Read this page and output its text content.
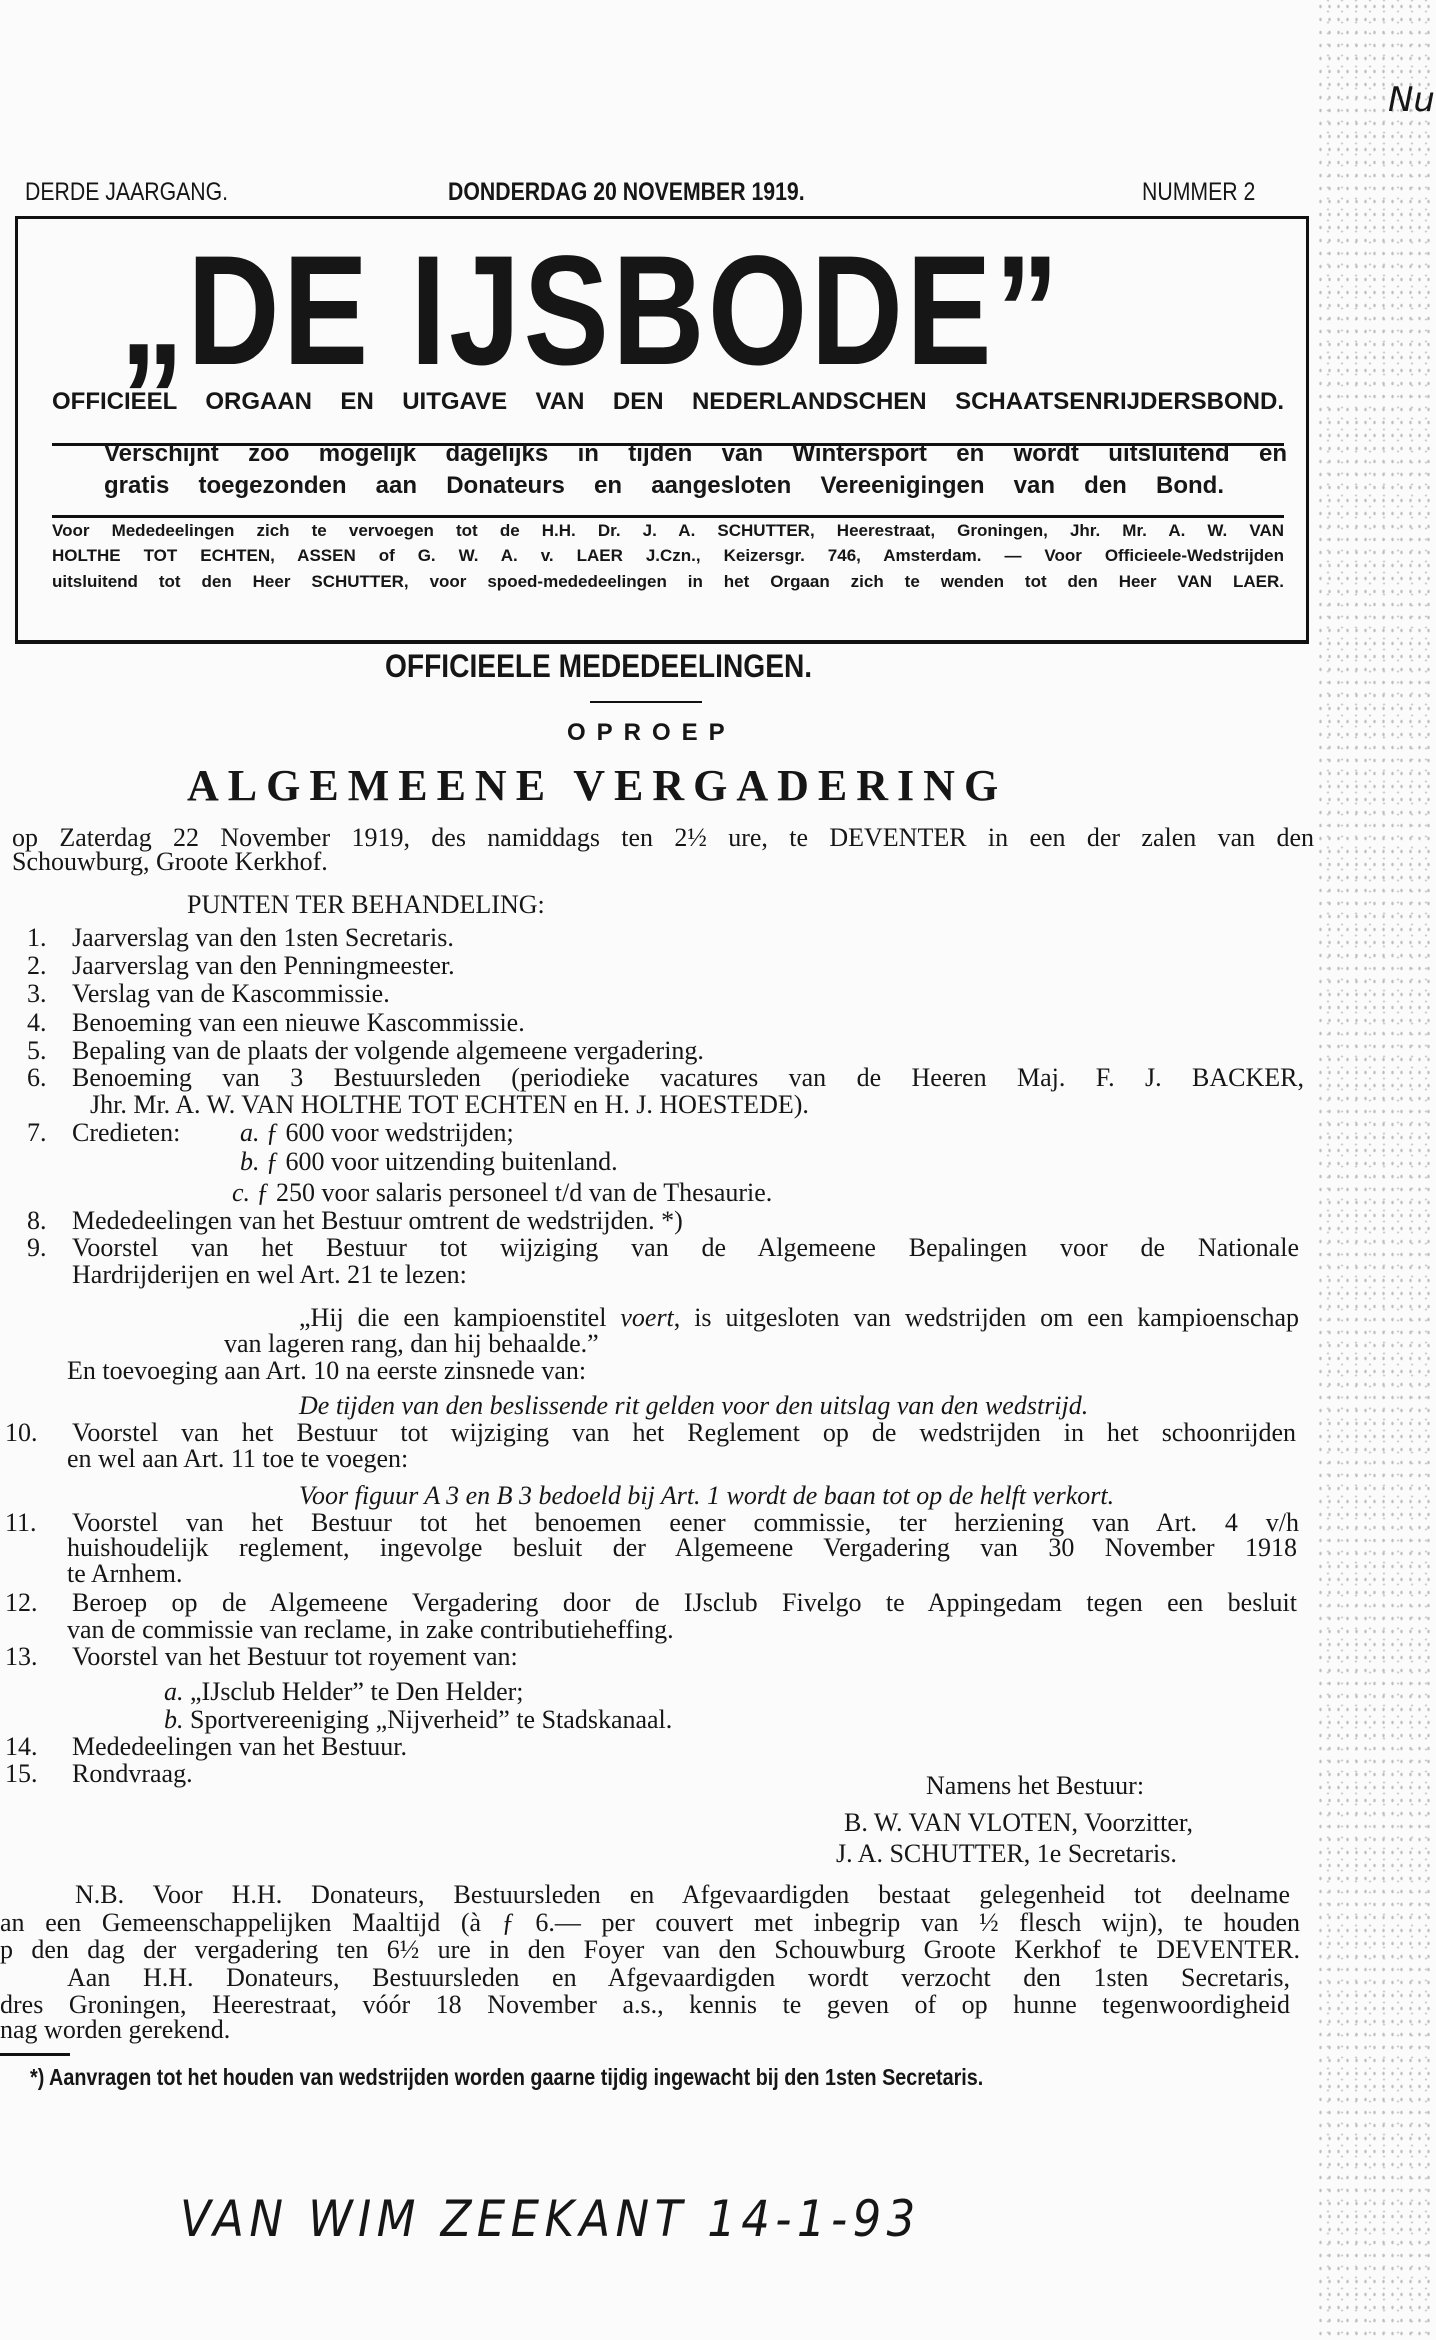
DERDE JAARGANG.	DONDERDAG 20 NOVEMBER 1919.	NUMMER 2
Nu
„DE IJSBODE”
OFFICIEEL ORGAAN EN UITGAVE VAN DEN NEDERLANDSCHEN SCHAATSENRIJDERSBOND.
Verschijnt zoo mogelijk dagelijks in tijden van Wintersport en wordt uitsluitend en
gratis toegezonden aan Donateurs en aangesloten Vereenigingen van den Bond.
Voor Mededeelingen zich te vervoegen tot de H.H. Dr. J. A. SCHUTTER, Heerestraat, Groningen, Jhr. Mr. A. W. VAN
HOLTHE TOT ECHTEN, ASSEN of G. W. A. v. LAER J.Czn., Keizersgr. 746, Amsterdam. — Voor Officieele-Wedstrijden
uitsluitend tot den Heer SCHUTTER, voor spoed-mededeelingen in het Orgaan zich te wenden tot den Heer VAN LAER.
OFFICIEELE MEDEDEELINGEN.
OPROEP
ALGEMEENE VERGADERING
op Zaterdag 22 November 1919, des namiddags ten 2½ ure, te DEVENTER in een der zalen van den
Schouwburg, Groote Kerkhof.
PUNTEN TER BEHANDELING:
1. Jaarverslag van den 1sten Secretaris.
2. Jaarverslag van den Penningmeester.
3. Verslag van de Kascommissie.
4. Benoeming van een nieuwe Kascommissie.
5. Bepaling van de plaats der volgende algemeene vergadering.
6. Benoeming van 3 Bestuursleden (periodieke vacatures van de Heeren Maj. F. J. BACKER,
Jhr. Mr. A. W. VAN HOLTHE TOT ECHTEN en H. J. HOESTEDE).
7. Credieten: a. ƒ 600 voor wedstrijden;
b. ƒ 600 voor uitzending buitenland.
c. ƒ 250 voor salaris personeel t/d van de Thesaurie.
8. Mededeelingen van het Bestuur omtrent de wedstrijden. *)
9. Voorstel van het Bestuur tot wijziging van de Algemeene Bepalingen voor de Nationale
Hardrijderijen en wel Art. 21 te lezen:
„Hij die een kampioenstitel voert, is uitgesloten van wedstrijden om een kampioenschap
van lageren rang, dan hij behaalde.”
En toevoeging aan Art. 10 na eerste zinsnede van:
De tijden van den beslissende rit gelden voor den uitslag van den wedstrijd.
10. Voorstel van het Bestuur tot wijziging van het Reglement op de wedstrijden in het schoonrijden
en wel aan Art. 11 toe te voegen:
Voor figuur A 3 en B 3 bedoeld bij Art. 1 wordt de baan tot op de helft verkort.
11. Voorstel van het Bestuur tot het benoemen eener commissie, ter herziening van Art. 4 v/h
huishoudelijk reglement, ingevolge besluit der Algemeene Vergadering van 30 November 1918
te Arnhem.
12. Beroep op de Algemeene Vergadering door de IJsclub Fivelgo te Appingedam tegen een besluit
van de commissie van reclame, in zake contributieheffing.
13. Voorstel van het Bestuur tot royement van:
a. „IJsclub Helder” te Den Helder;
b. Sportvereeniging „Nijverheid” te Stadskanaal.
14. Mededeelingen van het Bestuur.
15. Rondvraag.	Namens het Bestuur:
B. W. VAN VLOTEN, Voorzitter,
J. A. SCHUTTER, 1e Secretaris.
N.B. Voor H.H. Donateurs, Bestuursleden en Afgevaardigden bestaat gelegenheid tot deelname
an een Gemeenschappelijken Maaltijd (à ƒ 6.— per couvert met inbegrip van ½ flesch wijn), te houden
p den dag der vergadering ten 6½ ure in den Foyer van den Schouwburg Groote Kerkhof te DEVENTER.
Aan H.H. Donateurs, Bestuursleden en Afgevaardigden wordt verzocht den 1sten Secretaris,
dres Groningen, Heerestraat, vóór 18 November a.s., kennis te geven of op hunne tegenwoordigheid
nag worden gerekend.
*) Aanvragen tot het houden van wedstrijden worden gaarne tijdig ingewacht bij den 1sten Secretaris.
VAN WIM ZEEKANT 14-1-93
